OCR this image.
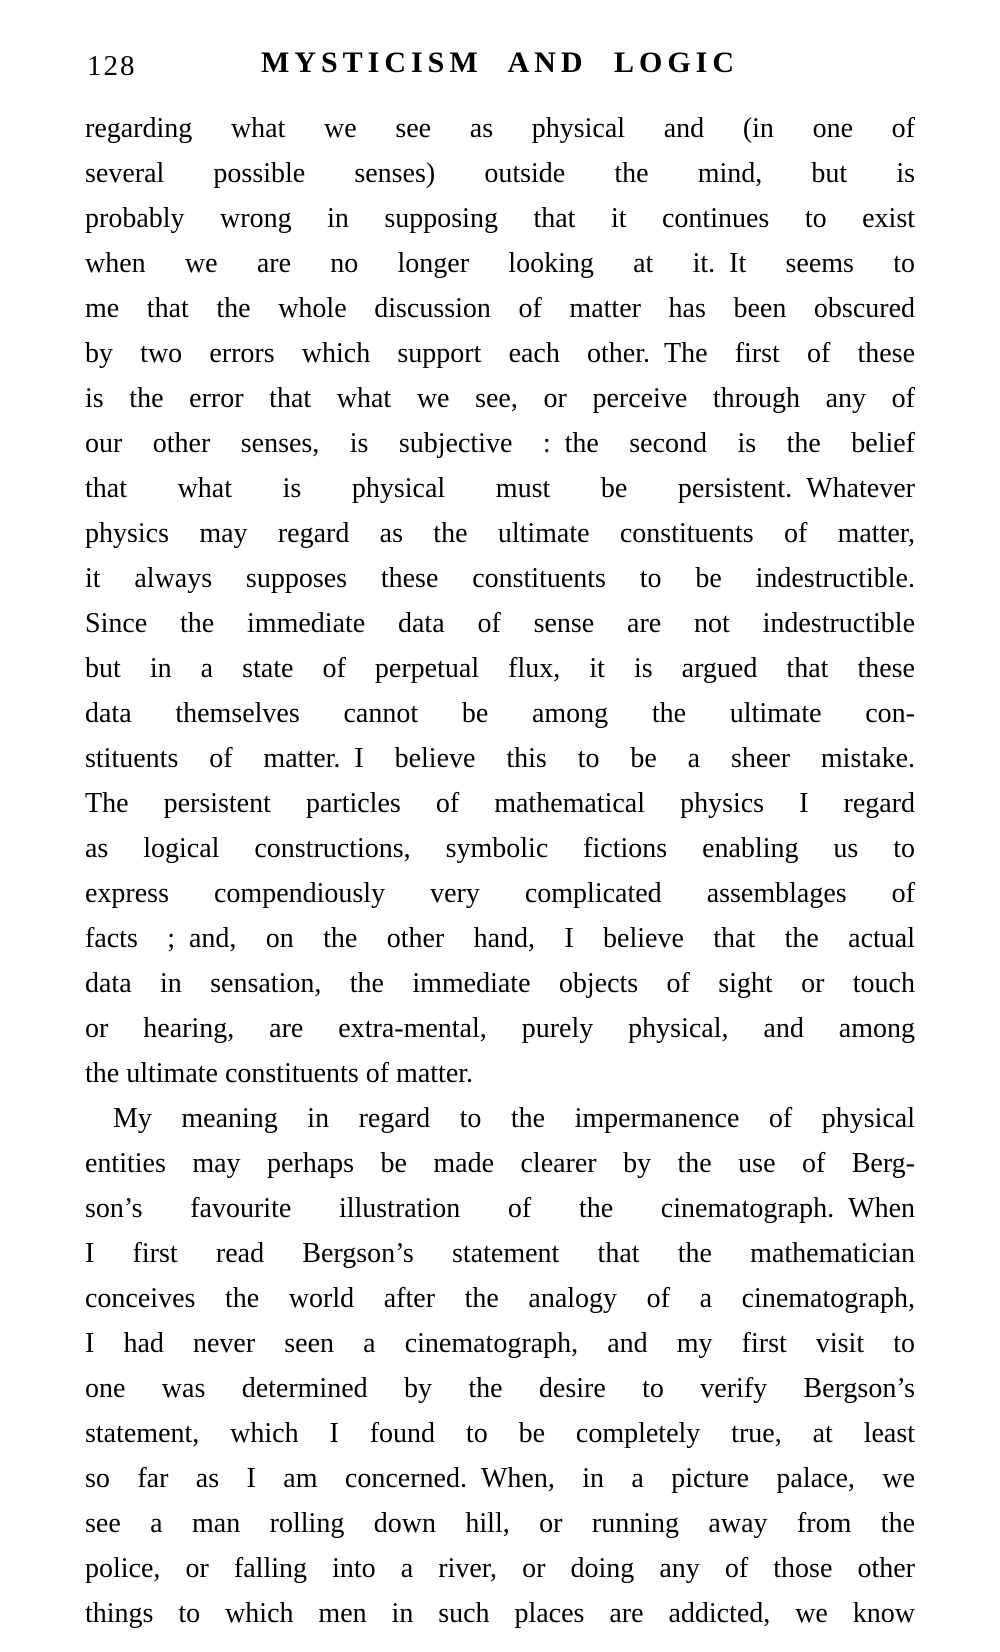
128	MYSTICISM AND LOGIC
regarding what we see as physical and (in one of
several possible senses) outside the mind, but is
probably wrong in supposing that it continues to exist
when we are no longer looking at it. It seems to
me that the whole discussion of matter has been obscured
by two errors which support each other. The first of these
is the error that what we see, or perceive through any of
our other senses, is subjective : the second is the belief
that what is physical must be persistent. Whatever
physics may regard as the ultimate constituents of matter,
it always supposes these constituents to be indestructible.
Since the immediate data of sense are not indestructible
but in a state of perpetual flux, it is argued that these
data themselves cannot be among the ultimate con-
stituents of matter. I believe this to be a sheer mistake.
The persistent particles of mathematical physics I regard
as logical constructions, symbolic fictions enabling us to
express compendiously very complicated assemblages of
facts ; and, on the other hand, I believe that the actual
data in sensation, the immediate objects of sight or touch
or hearing, are extra-mental, purely physical, and among
the ultimate constituents of matter.
My meaning in regard to the impermanence of physical
entities may perhaps be made clearer by the use of Berg-
son’s favourite illustration of the cinematograph. When
I first read Bergson’s statement that the mathematician
conceives the world after the analogy of a cinematograph,
I had never seen a cinematograph, and my first visit to
one was determined by the desire to verify Bergson’s
statement, which I found to be completely true, at least
so far as I am concerned. When, in a picture palace, we
see a man rolling down hill, or running away from the
police, or falling into a river, or doing any of those other
things to which men in such places are addicted, we know
